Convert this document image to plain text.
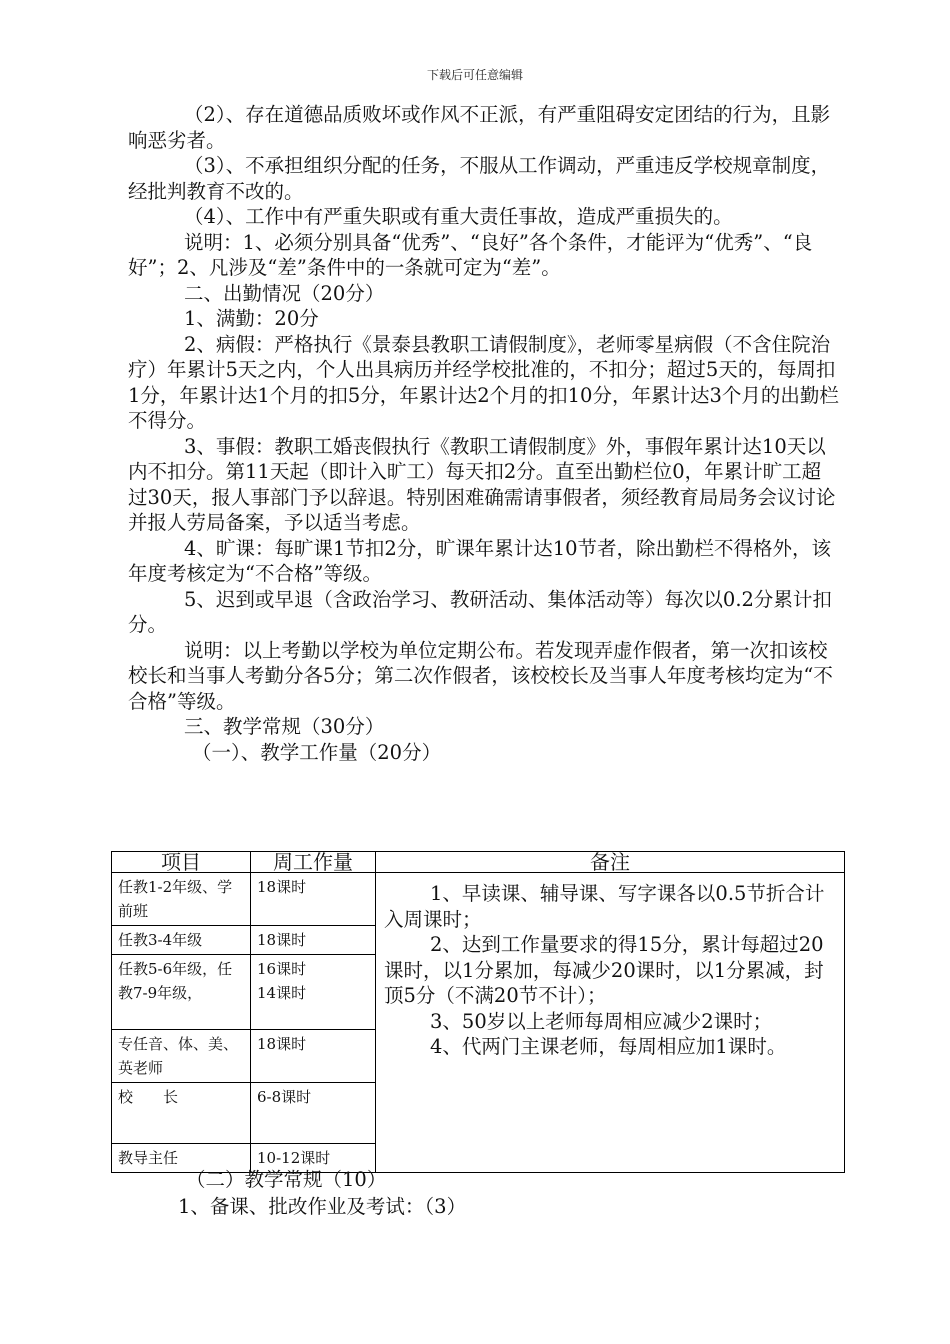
下载后可任意编辑

（2）、存在道德品质败坏或作风不正派，有严重阻碍安定团结的行为，且影响恶劣者。

（3）、不承担组织分配的任务，不服从工作调动，严重违反学校规章制度，经批判教育不改的。

（4）、工作中有严重失职或有重大责任事故，造成严重损失的。

说明：1、必须分别具备“优秀”、“良好”各个条件，才能评为“优秀”、“良好”；2、凡涉及“差”条件中的一条就可定为“差”。

二、出勤情况（20分）

1、满勤：20分

2、病假：严格执行《景泰县教职工请假制度》，老师零星病假（不含住院治疗）年累计5天之内，个人出具病历并经学校批准的，不扣分；超过5天的，每周扣1分，年累计达1个月的扣5分，年累计达2个月的扣10分，年累计达3个月的出勤栏不得分。

3、事假：教职工婚丧假执行《教职工请假制度》外，事假年累计达10天以内不扣分。第11天起（即计入旷工）每天扣2分。直至出勤栏位0，年累计旷工超过30天，报人事部门予以辞退。特别困难确需请事假者，须经教育局局务会议讨论并报人劳局备案，予以适当考虑。

4、旷课：每旷课1节扣2分，旷课年累计达10节者，除出勤栏不得格外，该年度考核定为“不合格”等级。

5、迟到或早退（含政治学习、教研活动、集体活动等）每次以0.2分累计扣分。

说明：以上考勤以学校为单位定期公布。若发现弄虚作假者，第一次扣该校校长和当事人考勤分各5分；第二次作假者，该校校长及当事人年度考核均定为“不合格”等级。

三、教学常规（30分）

（一）、教学工作量（20分）

项目	周工作量	备注
任教1-2年级、学前班	18课时	1、早读课、辅导课、写字课各以0.5节折合计入周课时；

2、达到工作量要求的得15分，累计每超过20课时，以1分累加，每减少20课时，以1分累减，封顶5分（不满20节不计）；

3、50岁以上老师每周相应减少2课时；

4、代两门主课老师，每周相应加1课时。

任教3-4年级	18课时	
任教5-6年级，任教7-9年级，	16课时
14课时	
专任音、体、美、英老师	18课时	
校　　长	6-8课时	
教导主任	10-12课时	

（二）教学常规（10）

1、备课、批改作业及考试：（3）
